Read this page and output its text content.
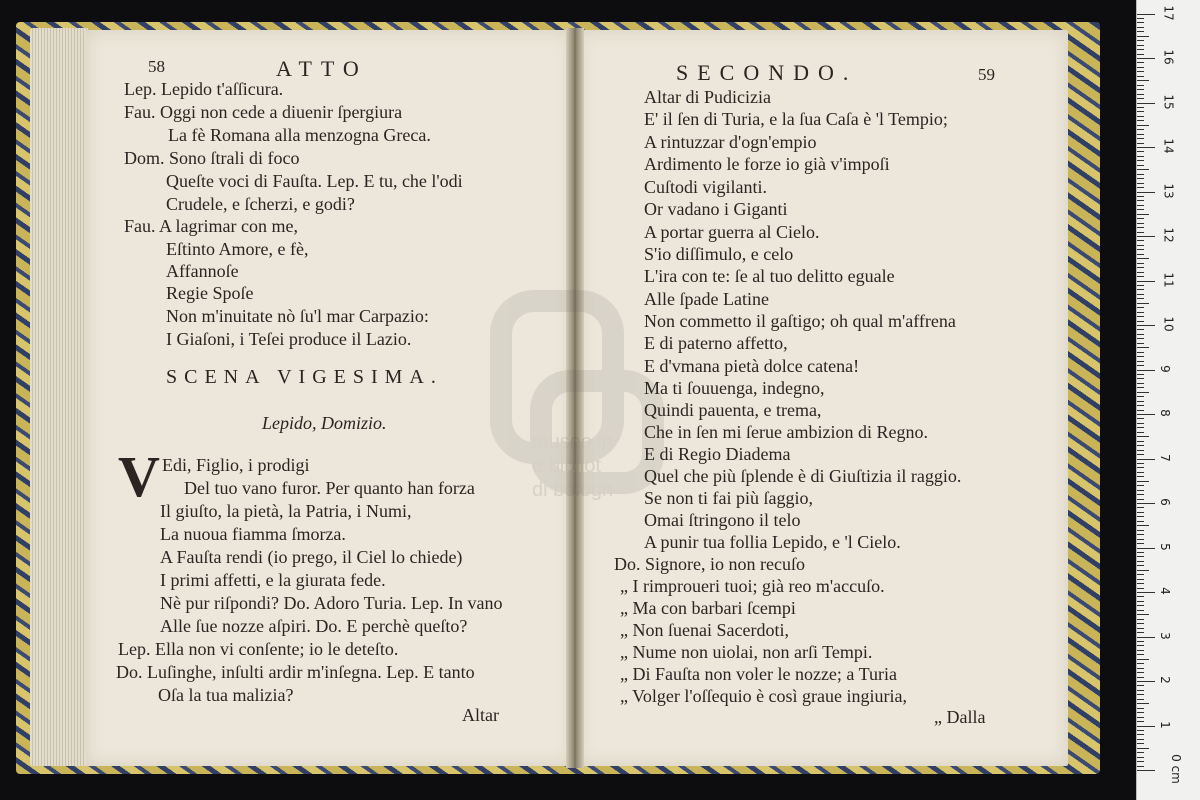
58	ATTO
Lep. Lepido t'aſſicura.
Fau. Oggi non cede a diuenir ſpergiura
La fè Romana alla menzogna Greca.
Dom. Sono ſtrali di foco
Queſte voci di Fauſta. Lep. E tu, che l'odi
Crudele, e ſcherzi, e godi?
Fau. A lagrimar con me,
Eſtinto Amore, e fè,
Affannoſe
Regie Spoſe
Non m'inuitate nò ſu'l mar Carpazio:
I Giaſoni, i Teſei produce il Lazio.
SCENA VIGESIMA.
Lepido, Domizio.
V Edi, Figlio, i prodigi
Del tuo vano furor. Per quanto han forza
Il giuſto, la pietà, la Patria, i Numi,
La nuoua fiamma ſmorza.
A Fauſta rendi (io prego, il Ciel lo chiede)
I primi affetti, e la giurata fede.
Nè pur riſpondi? Do. Adoro Turia. Lep. In vano
Alle ſue nozze aſpiri. Do. E perchè queſto?
Lep. Ella non vi conſente; io le deteſto.
Do. Luſinghe, inſulti ardir m'inſegna. Lep. E tanto
Oſa la tua malizia?
Altar
SECONDO.	59
Altar di Pudicizia
E' il ſen di Turia, e la ſua Caſa è 'l Tempio;
A rintuzzar d'ogn'empio
Ardimento le forze io già v'impoſi
Cuſtodi vigilanti.
Or vadano i Giganti
A portar guerra al Cielo.
S'io diſſimulo, e celo
L'ira con te: ſe al tuo delitto eguale
Alle ſpade Latine
Non commetto il gaſtigo; oh qual m'affrena
E di paterno affetto,
E d'vmana pietà dolce catena!
Ma ti ſouuenga, indegno,
Quindi pauenta, e trema,
Che in ſen mi ſerue ambizion di Regno.
E di Regio Diadema
Quel che più ſplende è di Giuſtizia il raggio.
Se non ti fai più ſaggio,
Omai ſtringono il telo
A punir tua follia Lepido, e 'l Cielo.
Do. Signore, io non recuſo
„ I rimproueri tuoi; già reo m'accuſo.
„ Ma con barbari ſcempi
„ Non ſuenai Sacerdoti,
„ Nume non uiolai, non arſi Tempi.
„ Di Fauſta non voler le nozze; a Turia
„ Volger l'oſſequio è così graue ingiuria,
„ Dalla
0 cm
1
2
3
4
5
6
7
8
9
10
11
12
13
14
15
16
17
